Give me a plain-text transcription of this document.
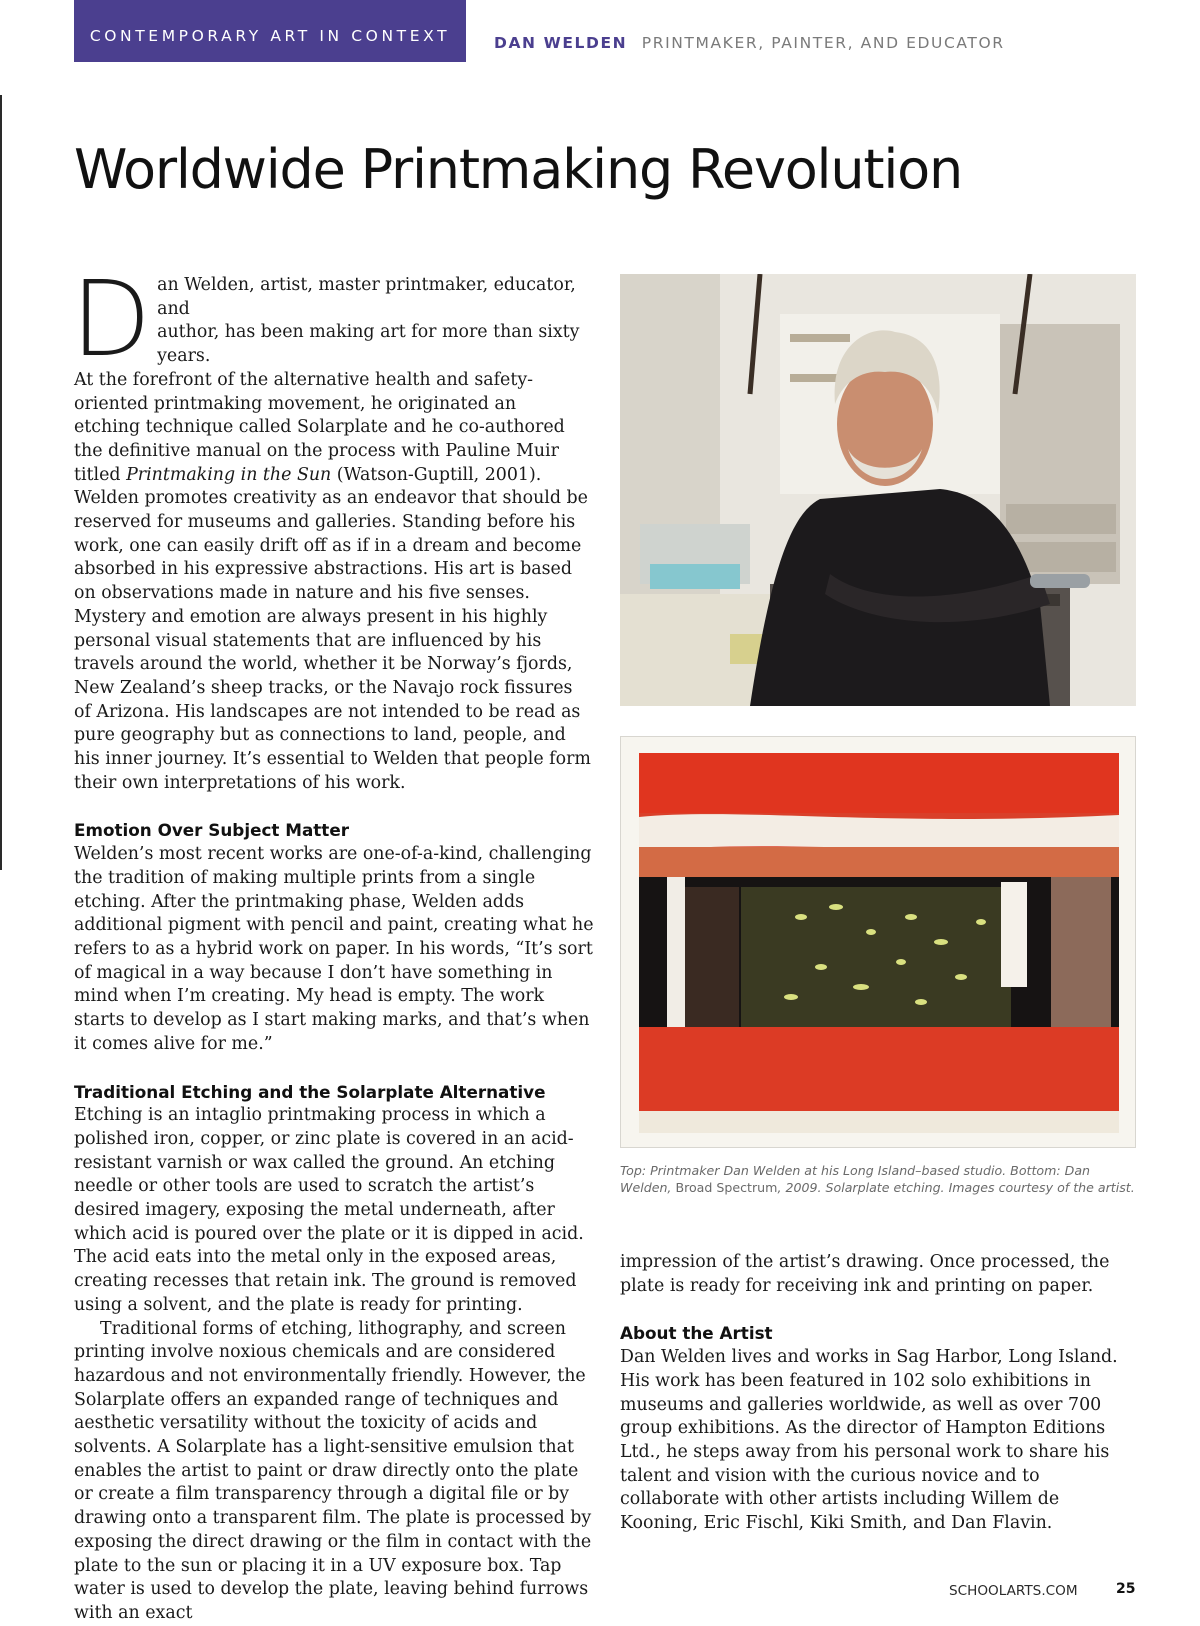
CONTEMPORARY ART IN CONTEXT	DAN WELDEN PRINTMAKER, PAINTER, AND EDUCATOR
Worldwide Printmaking Revolution

D an Welden, artist, master printmaker, educator, and
author, has been making art for more than sixty years.
At the forefront of the alternative health and safety-
oriented printmaking movement, he originated an
etching technique called Solarplate and he co-authored the definitive manual on the process with Pauline Muir titled Printmaking in the Sun (Watson-Guptill, 2001). Welden promotes creativity as an endeavor that should be reserved for museums and galleries. Standing before his work, one can easily drift off as if in a dream and become absorbed in his expressive abstractions. His art is based on observations made in nature and his five senses. Mystery and emotion are always present in his highly personal visual statements that are influenced by his travels around the world, whether it be Norway’s fjords, New Zealand’s sheep tracks, or the Navajo rock fissures of Arizona. His landscapes are not intended to be read as pure geography but as connections to land, people, and his inner journey. It’s essential to Welden that people form their own interpretations of his work.

Emotion Over Subject Matter

Welden’s most recent works are one-of-a-kind, challenging the tradition of making multiple prints from a single etching. After the printmaking phase, Welden adds additional pigment with pencil and paint, creating what he refers to as a hybrid work on paper. In his words, “It’s sort of magical in a way because I don’t have something in mind when I’m creating. My head is empty. The work starts to develop as I start making marks, and that’s when it comes alive for me.”

Traditional Etching and the Solarplate Alternative

Etching is an intaglio printmaking process in which a polished iron, copper, or zinc plate is covered in an acid-resistant varnish or wax called the ground. An etching needle or other tools are used to scratch the artist’s desired imagery, exposing the metal underneath, after which acid is poured over the plate or it is dipped in acid. The acid eats into the metal only in the exposed areas, creating recesses that retain ink. The ground is removed using a solvent, and the plate is ready for printing.

Traditional forms of etching, lithography, and screen printing involve noxious chemicals and are considered hazardous and not environmentally friendly. However, the Solarplate offers an expanded range of techniques and aesthetic versatility without the toxicity of acids and solvents. A Solarplate has a light-sensitive emulsion that enables the artist to paint or draw directly onto the plate or create a film transparency through a digital file or by drawing onto a transparent film. The plate is processed by exposing the direct drawing or the film in contact with the plate to the sun or placing it in a UV exposure box. Tap water is used to develop the plate, leaving behind furrows with an exact

Top: Printmaker Dan Welden at his Long Island–based studio. Bottom: Dan Welden, Broad Spectrum, 2009. Solarplate etching. Images courtesy of the artist.

impression of the artist’s drawing. Once processed, the plate is ready for receiving ink and printing on paper.

About the Artist

Dan Welden lives and works in Sag Harbor, Long Island. His work has been featured in 102 solo exhibitions in museums and galleries worldwide, as well as over 700 group exhibitions. As the director of Hampton Editions Ltd., he steps away from his personal work to share his talent and vision with the curious novice and to collaborate with other artists including Willem de Kooning, Eric Fischl, Kiki Smith, and Dan Flavin.

SCHOOLARTS.COM	25
